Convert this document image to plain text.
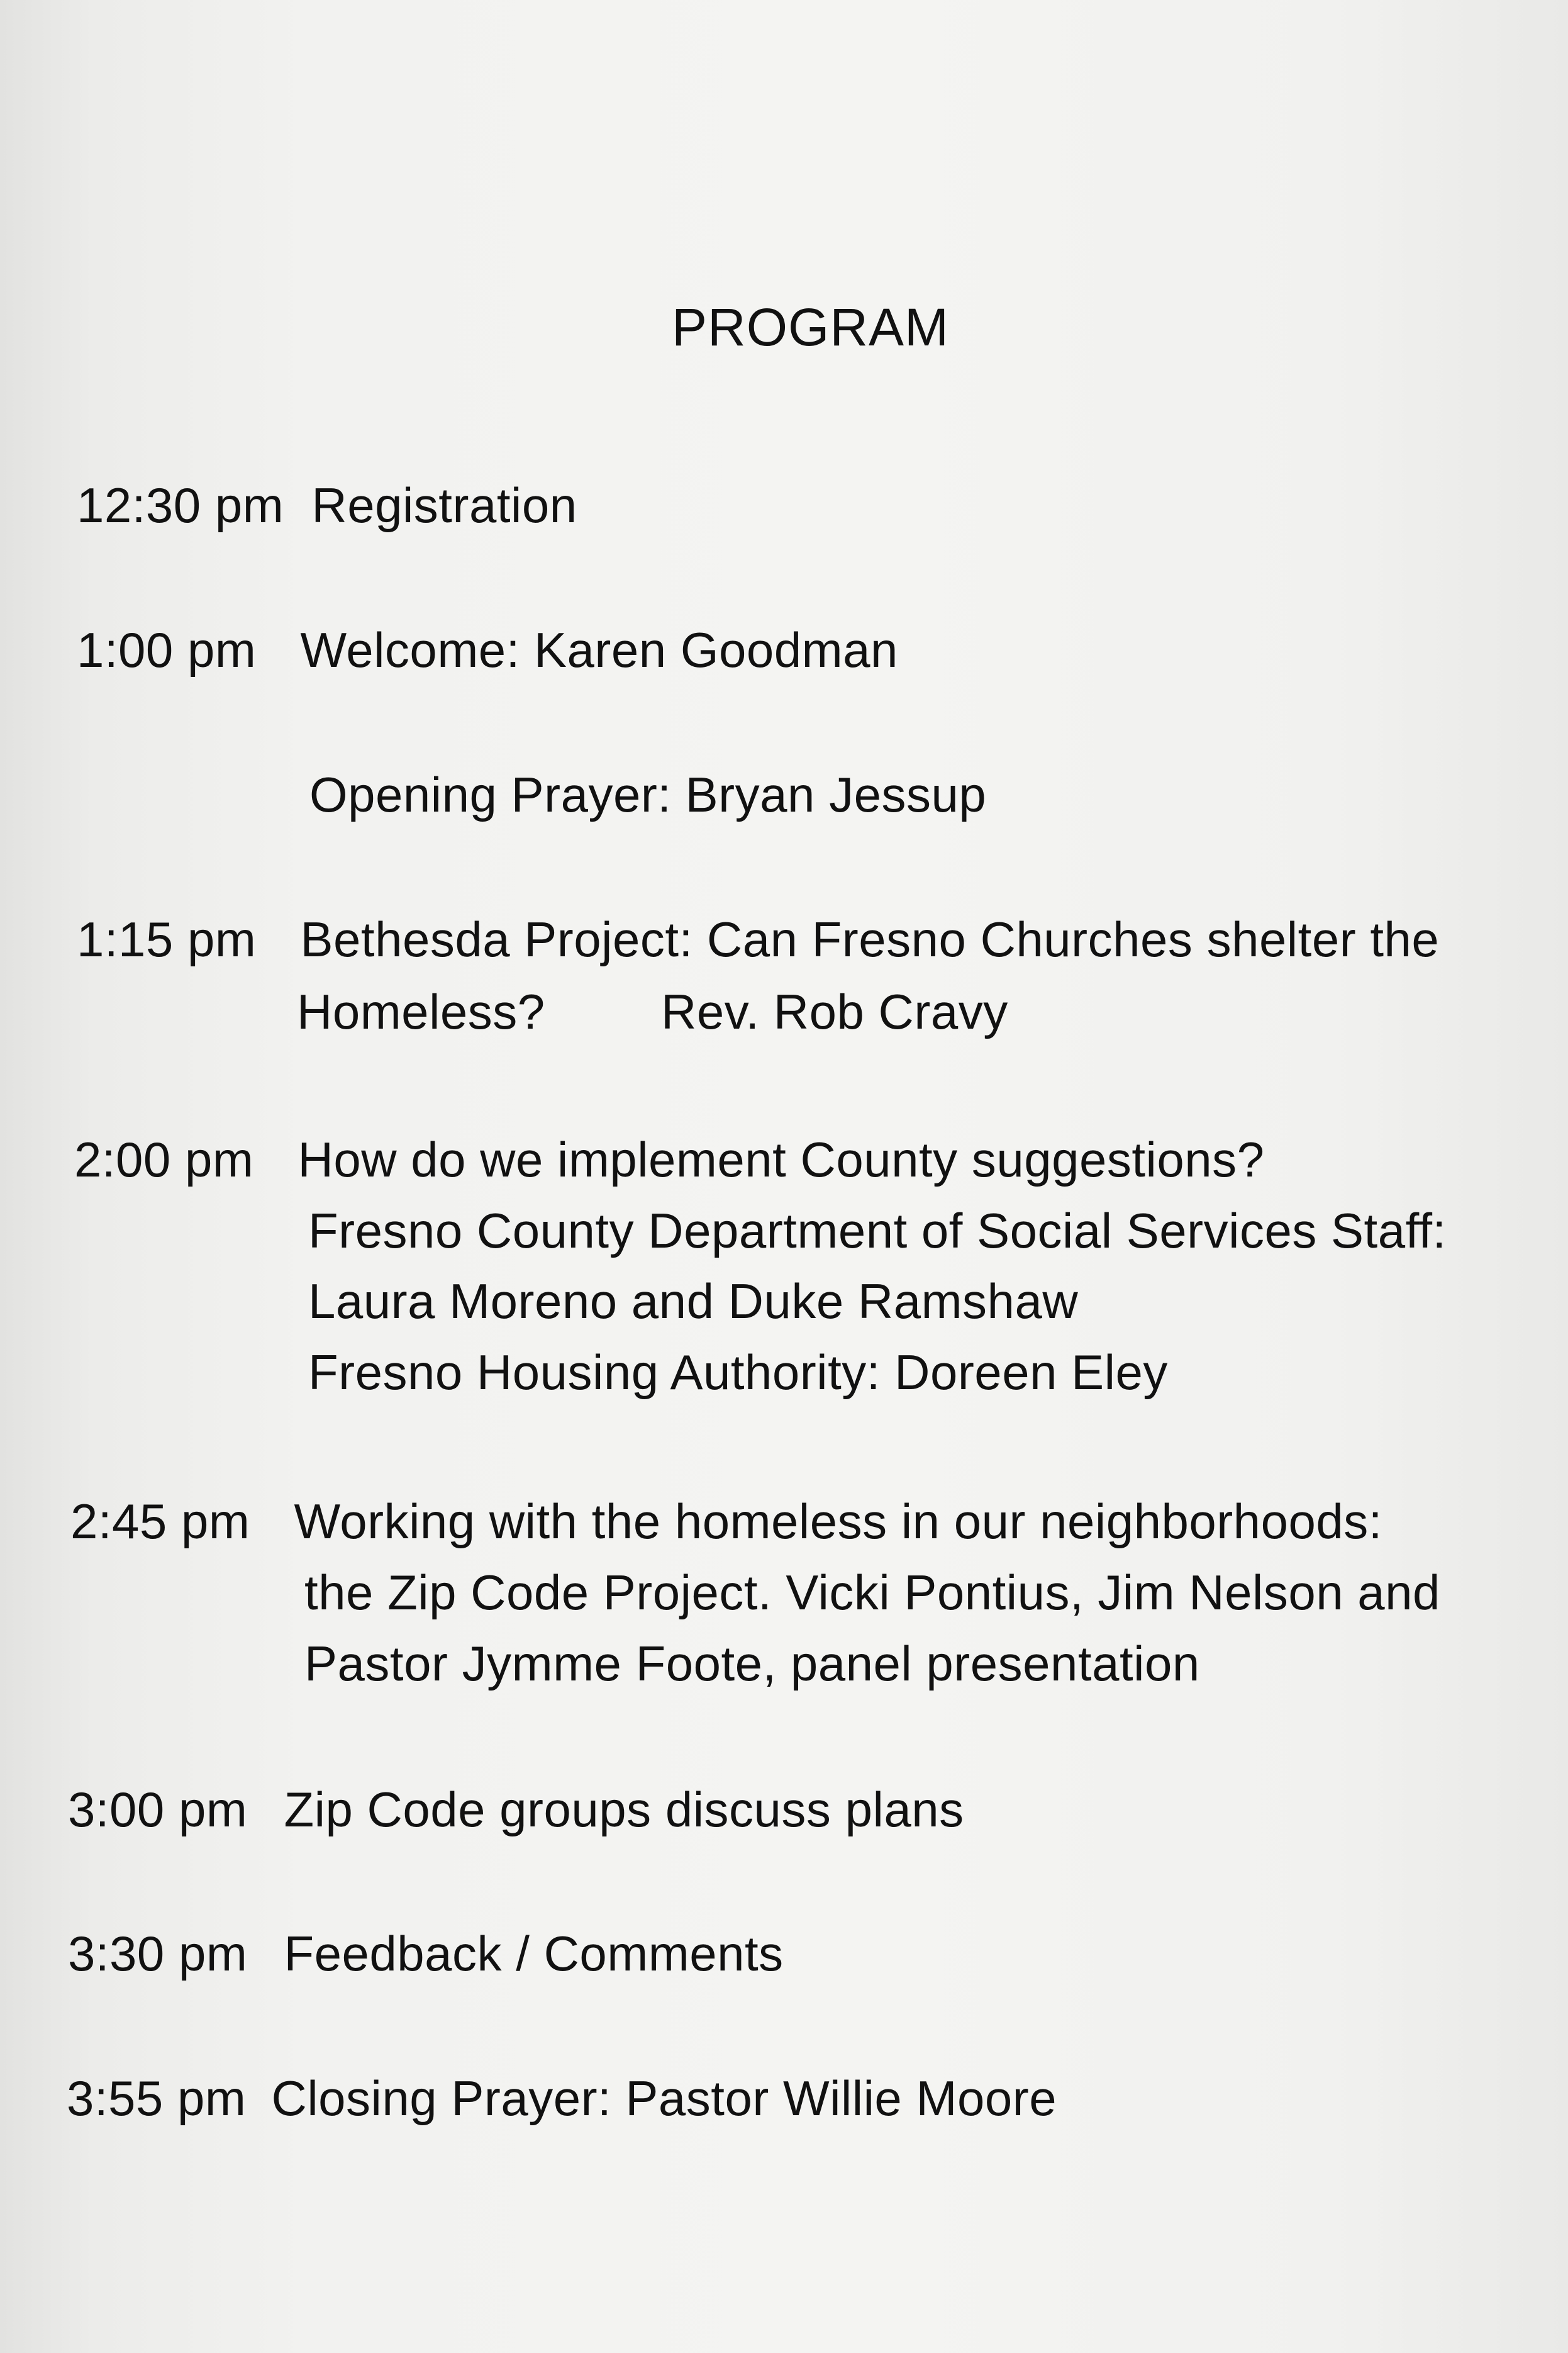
PROGRAM
12:30 pm Registration
1:00 pm Welcome: Karen Goodman
Opening Prayer: Bryan Jessup
1:15 pm Bethesda Project: Can Fresno Churches shelter the
Homeless? Rev. Rob Cravy
2:00 pm How do we implement County suggestions?
Fresno County Department of Social Services Staff:
Laura Moreno and Duke Ramshaw
Fresno Housing Authority: Doreen Eley
2:45 pm Working with the homeless in our neighborhoods:
the Zip Code Project. Vicki Pontius, Jim Nelson and
Pastor Jymme Foote, panel presentation
3:00 pm Zip Code groups discuss plans
3:30 pm Feedback / Comments
3:55 pm Closing Prayer: Pastor Willie Moore
